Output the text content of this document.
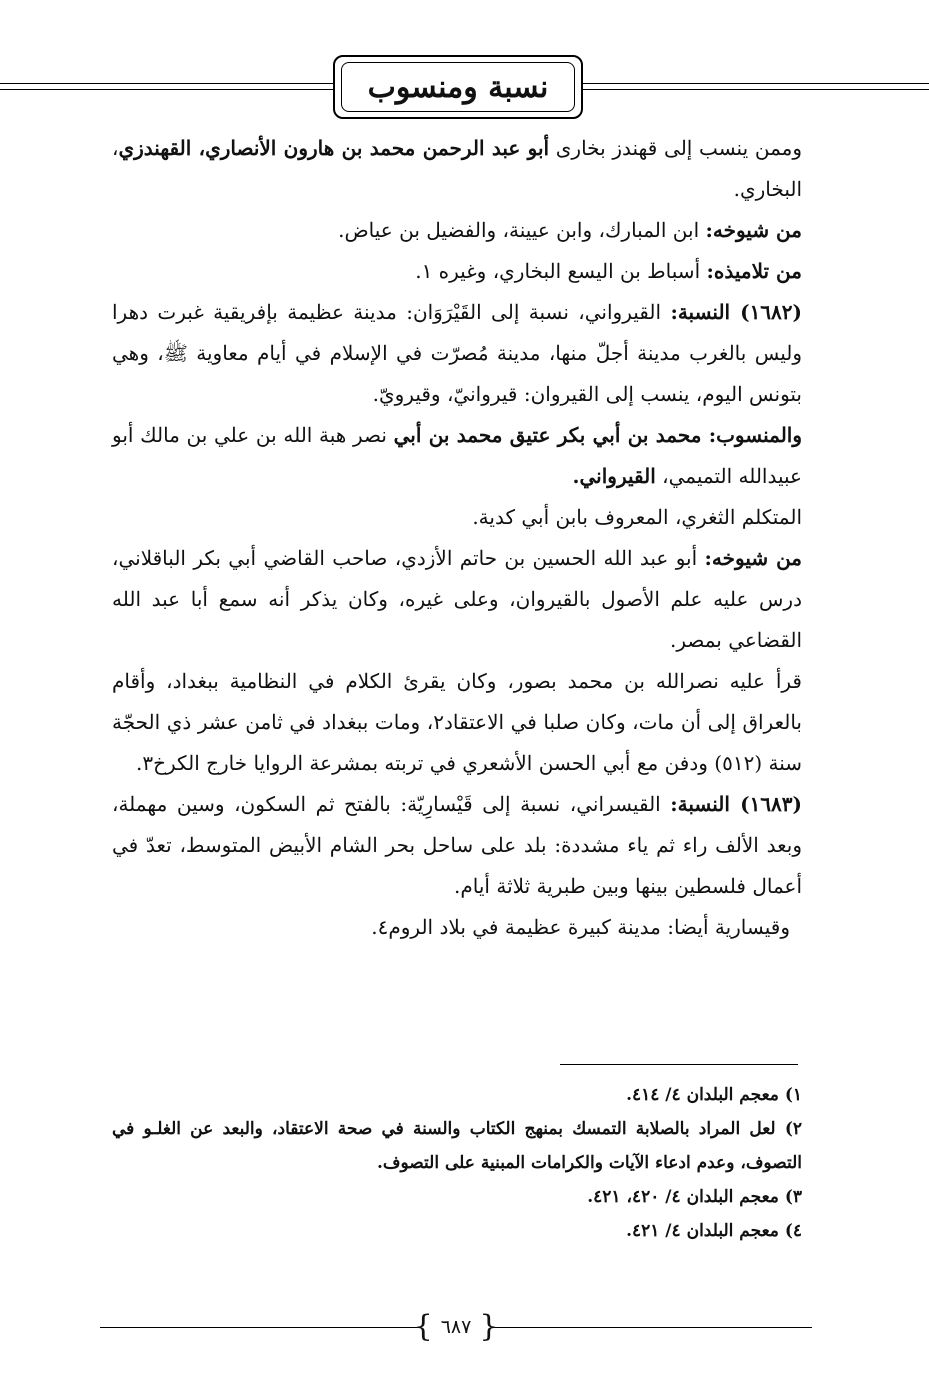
نسبة ومنسوب

وممن ينسب إلى قهندز بخارى أبو عبد الرحمن محمد بن هارون الأنصاري، القهندزي، البخاري.

من شيوخه: ابن المبارك، وابن عيينة، والفضيل بن عياض.

من تلاميذه: أسباط بن اليسع البخاري، وغيره ١.

(١٦٨٢) النسبة: القيرواني، نسبة إلى القَيْرَوَان: مدينة عظيمة بإفريقية غبرت دهرا وليس بالغرب مدينة أجلّ منها، مدينة مُصرّت في الإسلام في أيام معاوية ﷺ، وهي بتونس اليوم، ينسب إلى القيروان: قيروانيّ، وقيرويّ.

والمنسوب: محمد بن أبي بكر عتيق محمد بن أبي نصر هبة الله بن علي بن مالك أبو عبيدالله التميمي، القيرواني.

المتكلم الثغري، المعروف بابن أبي كدية.

من شيوخه: أبو عبد الله الحسين بن حاتم الأزدي، صاحب القاضي أبي بكر الباقلاني، درس عليه علم الأصول بالقيروان، وعلى غيره، وكان يذكر أنه سمع أبا عبد الله القضاعي بمصر.

قرأ عليه نصرالله بن محمد بصور، وكان يقرئ الكلام في النظامية ببغداد، وأقام بالعراق إلى أن مات، وكان صلبا في الاعتقاد٢، ومات ببغداد في ثامن عشر ذي الحجّة سنة (٥١٢) ودفن مع أبي الحسن الأشعري في تربته بمشرعة الروايا خارج الكرخ٣.

(١٦٨٣) النسبة: القيسراني، نسبة إلى قَيْسارِيّة: بالفتح ثم السكون، وسين مهملة، وبعد الألف راء ثم ياء مشددة: بلد على ساحل بحر الشام الأبيض المتوسط، تعدّ في أعمال فلسطين بينها وبين طبرية ثلاثة أيام.

وقيسارية أيضا: مدينة كبيرة عظيمة في بلاد الروم٤.

١) معجم البلدان ٤/ ٤١٤.

٢) لعل المراد بالصلابة التمسك بمنهج الكتاب والسنة في صحة الاعتقاد، والبعد عن الغلـو في التصوف، وعدم ادعاء الآيات والكرامات المبنية على التصوف.

٣) معجم البلدان ٤/ ٤٢٠، ٤٢١.

٤) معجم البلدان ٤/ ٤٢١.

{
٦٨٧
}
